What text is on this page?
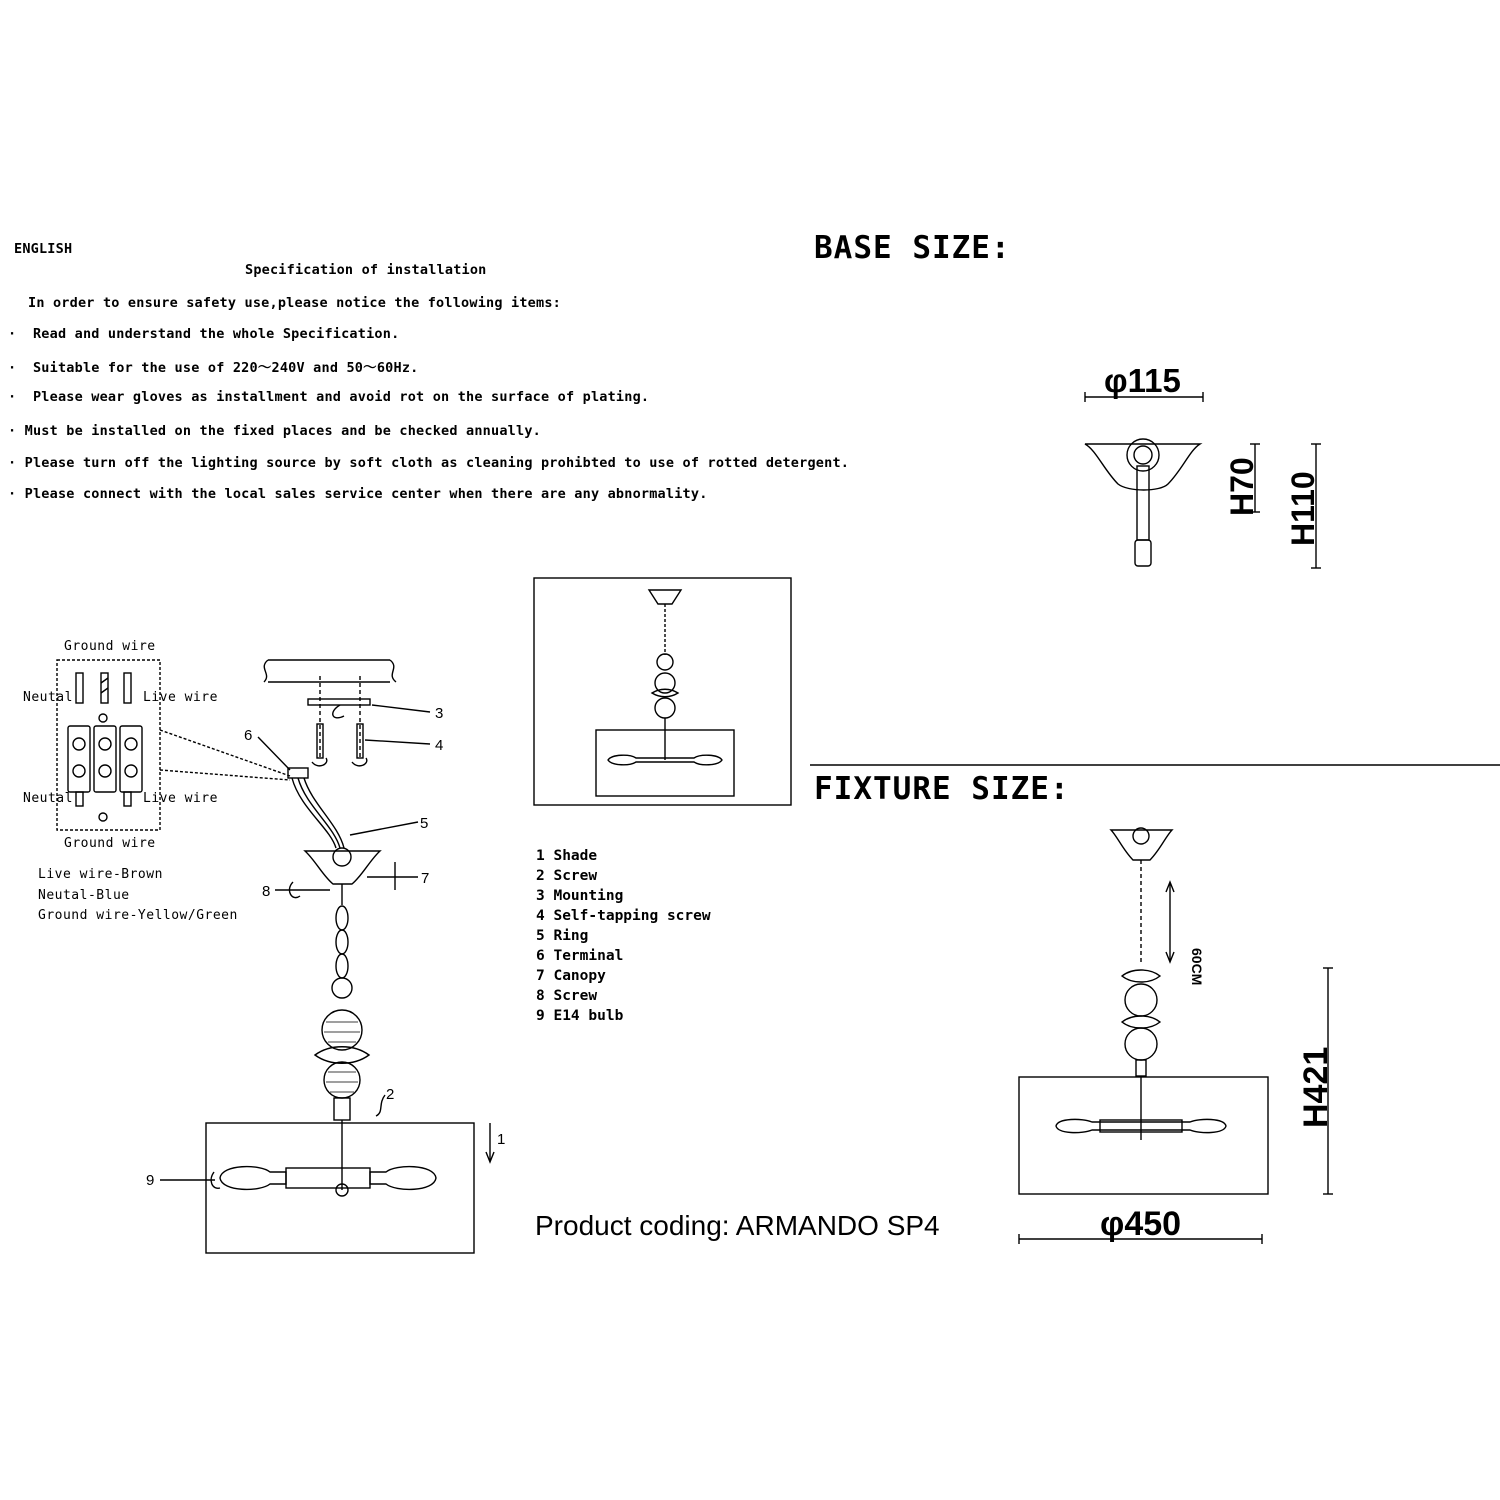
1
2
3
4
5
6
7
8
9
H70 H110
60CM
H421
ENGLISH
Specification of installation
In order to ensure safety use,please notice the following items:
·  Read and understand the whole Specification.
·  Suitable for the use of 220～240V and 50～60Hz.
·  Please wear gloves as installment and avoid rot on the surface of plating.
· Must be installed on the fixed places and be checked annually.
· Please turn off the lighting source by soft cloth as cleaning prohibted to use of rotted detergent.
· Please connect with the local sales service center when there are any abnormality.
Ground wire
Neutal	Live wire
Neutal	Live wire
Ground wire
Live wire-Brown
Neutal-Blue
Ground wire-Yellow/Green
1 Shade
2 Screw
3 Mounting
4 Self-tapping screw
5 Ring
6 Terminal
7 Canopy
8 Screw
9 E14 bulb
Product coding: ARMANDO SP4
BASE SIZE:
φ115
FIXTURE SIZE:
φ450
